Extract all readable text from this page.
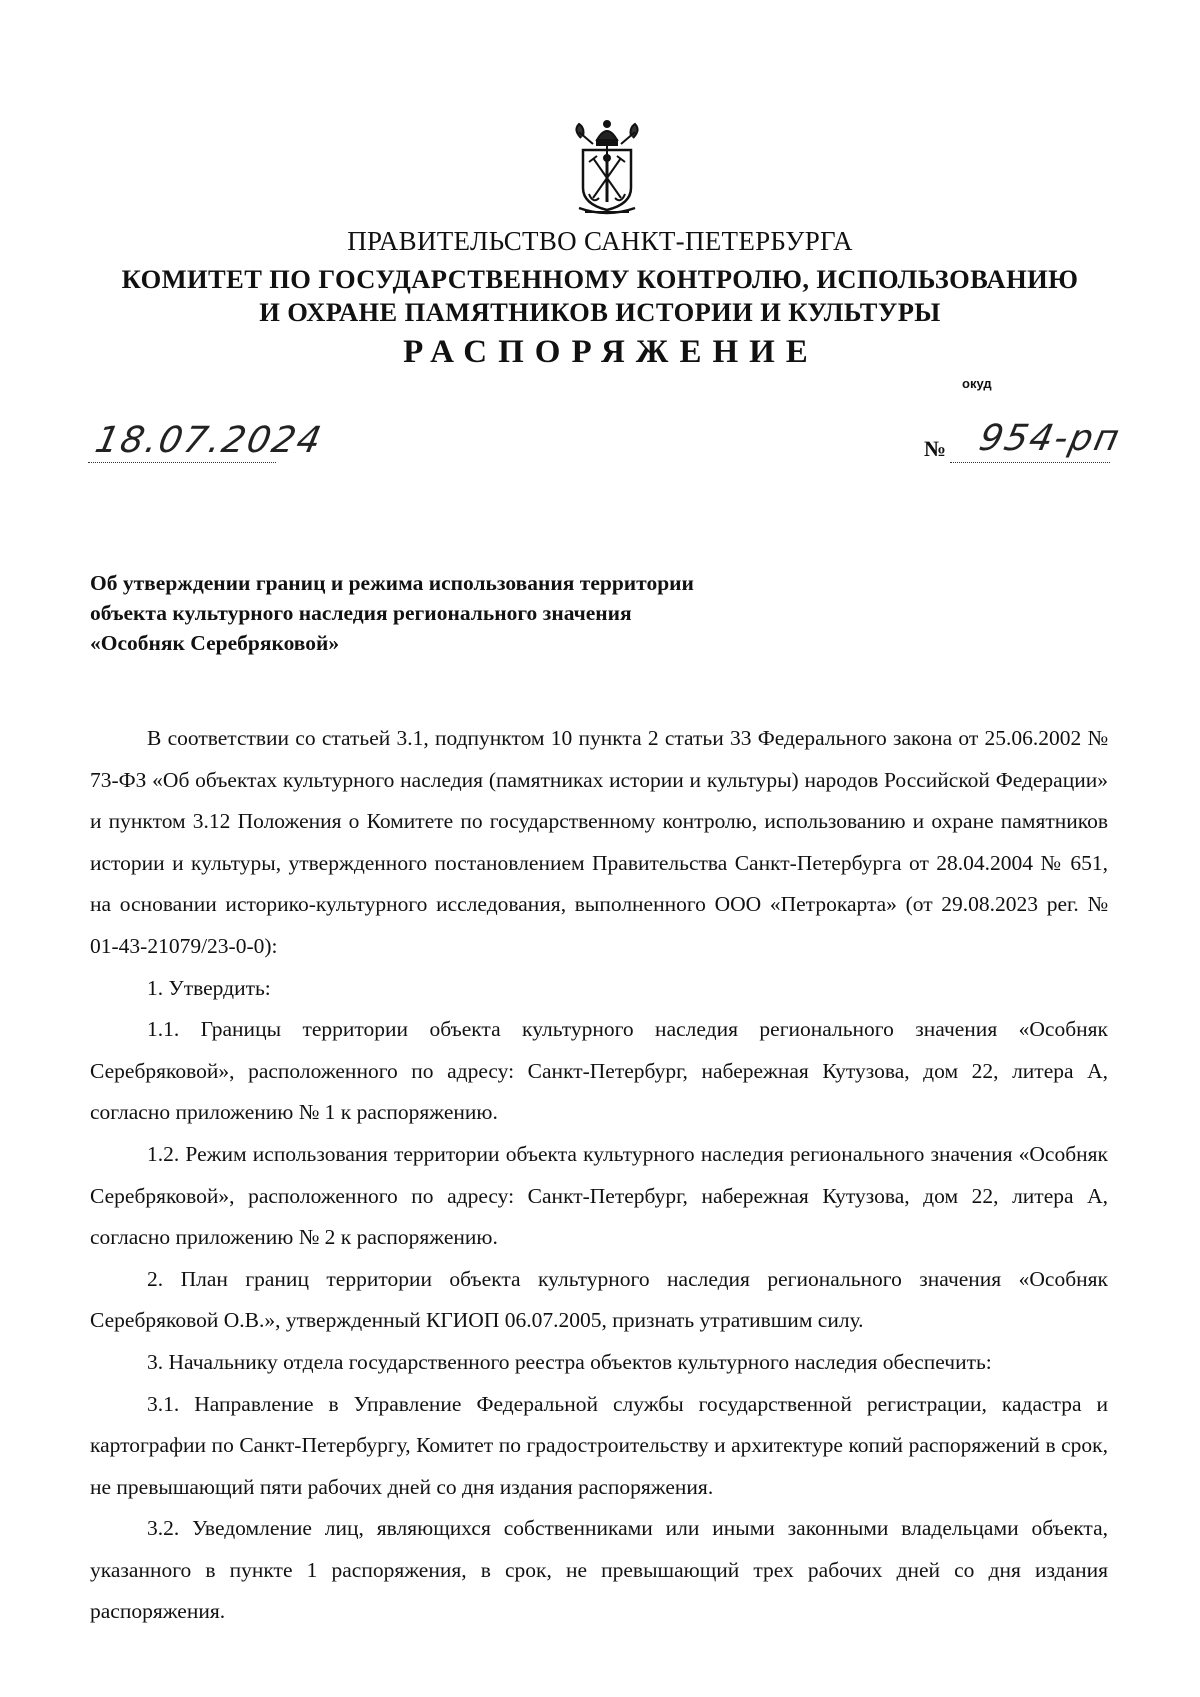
ПРАВИТЕЛЬСТВО САНКТ-ПЕТЕРБУРГА
КОМИТЕТ ПО ГОСУДАРСТВЕННОМУ КОНТРОЛЮ, ИСПОЛЬЗОВАНИЮ
И ОХРАНЕ ПАМЯТНИКОВ ИСТОРИИ И КУЛЬТУРЫ
РАСПОРЯЖЕНИЕ
окуд
18.07.2024	№ 954-рп
Об утверждении границ и режима использования территории
объекта культурного наследия регионального значения
«Особняк Серебряковой»

В соответствии со статьей 3.1, подпунктом 10 пункта 2 статьи 33 Федерального закона от 25.06.2002 № 73-ФЗ «Об объектах культурного наследия (памятниках истории и культуры) народов Российской Федерации» и пунктом 3.12 Положения о Комитете по государственному контролю, использованию и охране памятников истории и культуры, утвержденного постановлением Правительства Санкт-Петербурга от 28.04.2004 № 651, на основании историко-культурного исследования, выполненного ООО «Петрокарта» (от 29.08.2023 рег. № 01-43-21079/23-0-0):

1. Утвердить:

1.1. Границы территории объекта культурного наследия регионального значения «Особняк Серебряковой», расположенного по адресу: Санкт-Петербург, набережная Кутузова, дом 22, литера А, согласно приложению № 1 к распоряжению.

1.2. Режим использования территории объекта культурного наследия регионального значения «Особняк Серебряковой», расположенного по адресу: Санкт-Петербург, набережная Кутузова, дом 22, литера А, согласно приложению № 2 к распоряжению.

2. План границ территории объекта культурного наследия регионального значения «Особняк Серебряковой О.В.», утвержденный КГИОП 06.07.2005, признать утратившим силу.

3. Начальнику отдела государственного реестра объектов культурного наследия обеспечить:

3.1. Направление в Управление Федеральной службы государственной регистрации, кадастра и картографии по Санкт-Петербургу, Комитет по градостроительству и архитектуре копий распоряжений в срок, не превышающий пяти рабочих дней со дня издания распоряжения.

3.2. Уведомление лиц, являющихся собственниками или иными законными владельцами объекта, указанного в пункте 1 распоряжения, в срок, не превышающий трех рабочих дней со дня издания распоряжения.
